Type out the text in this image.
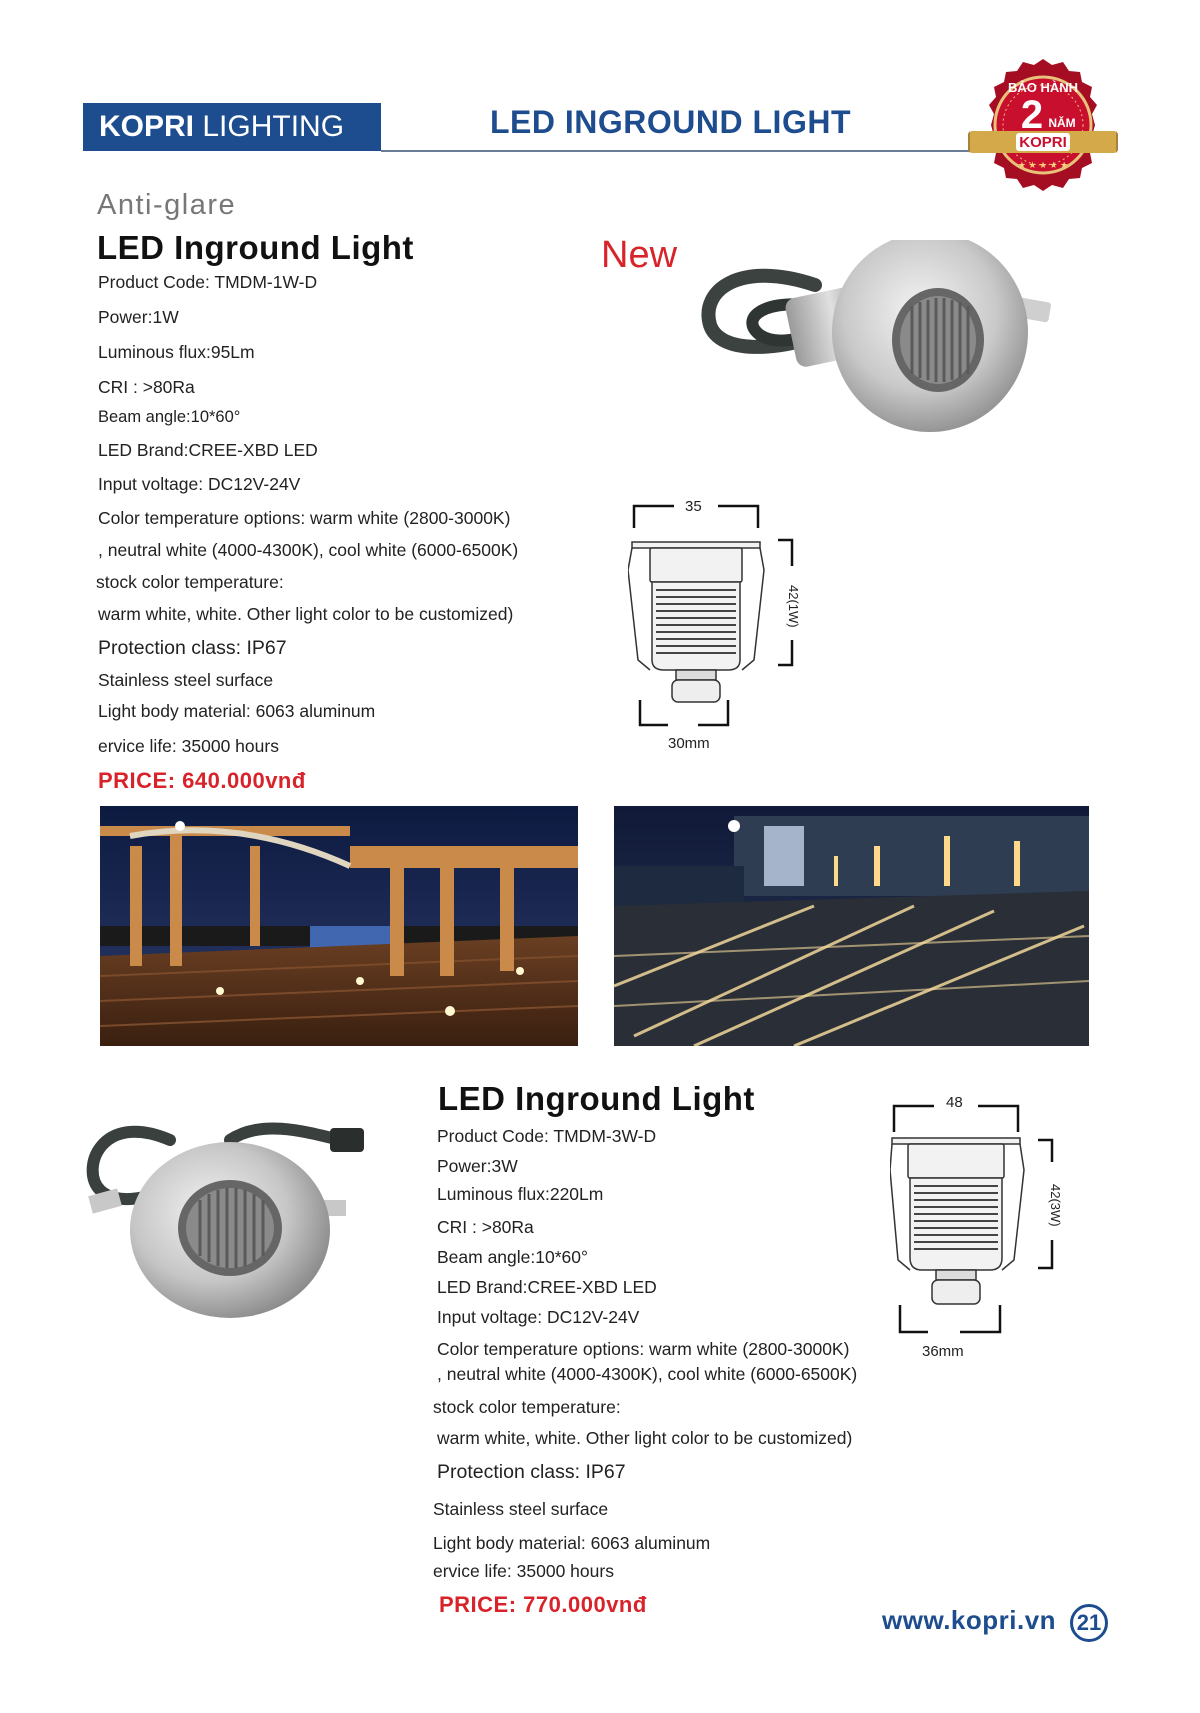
KOPRI LIGHTING	LED INGROUND LIGHT
BẢO HÀNH
2 NĂM
KOPRI
★ ★ ★ ★ ★
Anti-glare
LED Inground Light	New
Product Code: TMDM-1W-D
Power:1W
Luminous flux:95Lm
CRI : >80Ra
Beam angle:10*60°
LED Brand:CREE-XBD LED
Input voltage: DC12V-24V
Color temperature options: warm white (2800-3000K)
, neutral white (4000-4300K), cool white (6000-6500K)
stock color temperature:
warm white, white. Other light color to be customized)
Protection class: IP67
Stainless steel surface
Light body material: 6063 aluminum
ervice life: 35000 hours
PRICE: 640.000vnđ
35
42(1W)
30mm
LED Inground Light
Product Code: TMDM-3W-D
Power:3W
Luminous flux:220Lm
CRI : >80Ra
Beam angle:10*60°
LED Brand:CREE-XBD LED
Input voltage: DC12V-24V
Color temperature options: warm white (2800-3000K)
, neutral white (4000-4300K), cool white (6000-6500K)
stock color temperature:
warm white, white. Other light color to be customized)
Protection class: IP67
Stainless steel surface
Light body material: 6063 aluminum
ervice life: 35000 hours
PRICE: 770.000vnđ
48
42(3W)
36mm
www.kopri.vn 21
